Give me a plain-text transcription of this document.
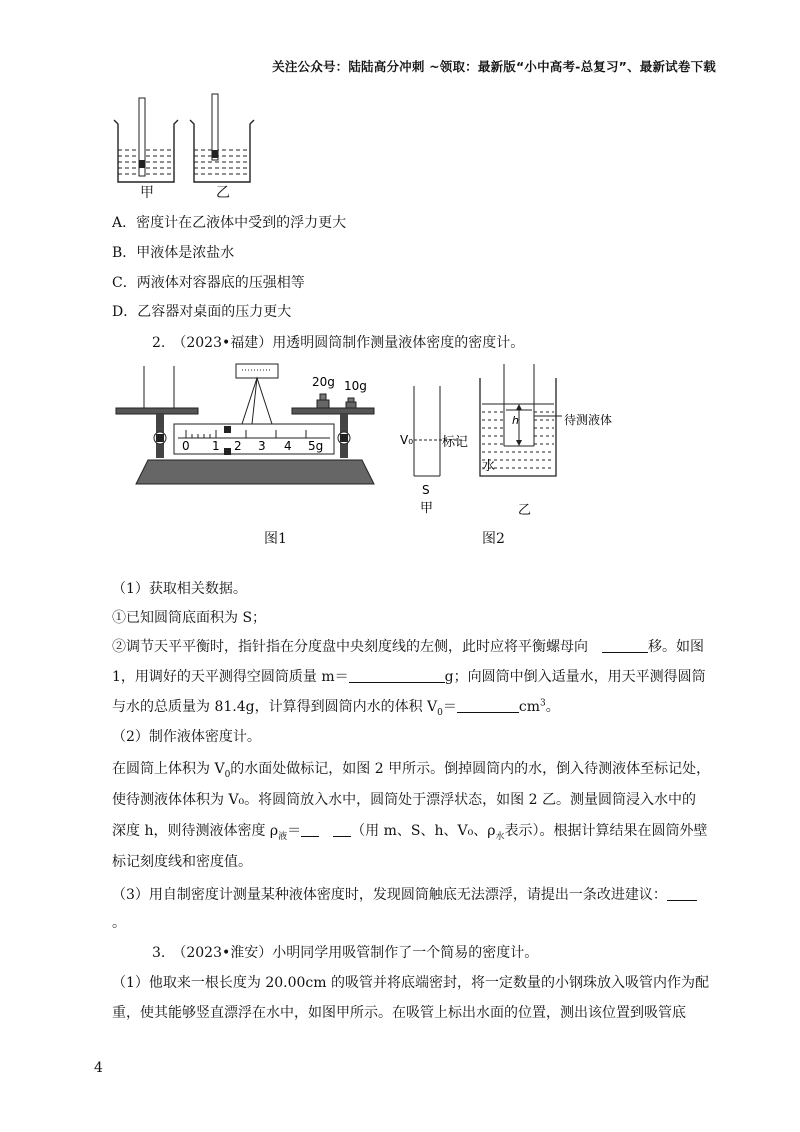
关注公众号：陆陆高分冲刺 ~领取：最新版“小中高考-总复习”、最新试卷下载
甲	乙
A．密度计在乙液体中受到的浮力更大
B．甲液体是浓盐水
C．两液体对容器底的压强相等
D．乙容器对桌面的压力更大
2.　（2023•福建）用透明圆筒制作测量液体密度的密度计。
20g 10g
0 1 2 3 4 5g
图1
V₀ 标记
S
甲
h	待测液体
水
乙
图2
（1）获取相关数据。
①已知圆筒底面积为 S；
②调节天平平衡时，指针指在分度盘中央刻度线的左侧，此时应将平衡螺母向　	移。如图
1，用调好的天平测得空圆筒质量 m＝	g；向圆筒中倒入适量水，用天平测得圆筒
与水的总质量为 81.4g，计算得到圆筒内水的体积 $V_0=$	$cm^3$。
（2）制作液体密度计。
在圆筒上体积为 $V_0$的水面处做标记，如图 2 甲所示。倒掉圆筒内的水，倒入待测液体至标记处，
使待测液体体积为 V₀。将圆筒放入水中，圆筒处于漂浮状态，如图 2 乙。测量圆筒浸入水中的
深度 h，则待测液体密度 $\rho_液=$　	（用 m、S、h、V₀、$\rho_水$表示）。根据计算结果在圆筒外壁
标记刻度线和密度值。
（3）用自制密度计测量某种液体密度时，发现圆筒触底无法漂浮，请提出一条改进建议：
。
3.　（2023•淮安）小明同学用吸管制作了一个简易的密度计。
（1）他取来一根长度为 20.00cm 的吸管并将底端密封，将一定数量的小钢珠放入吸管内作为配
重，使其能够竖直漂浮在水中，如图甲所示。在吸管上标出水面的位置，测出该位置到吸管底
4
